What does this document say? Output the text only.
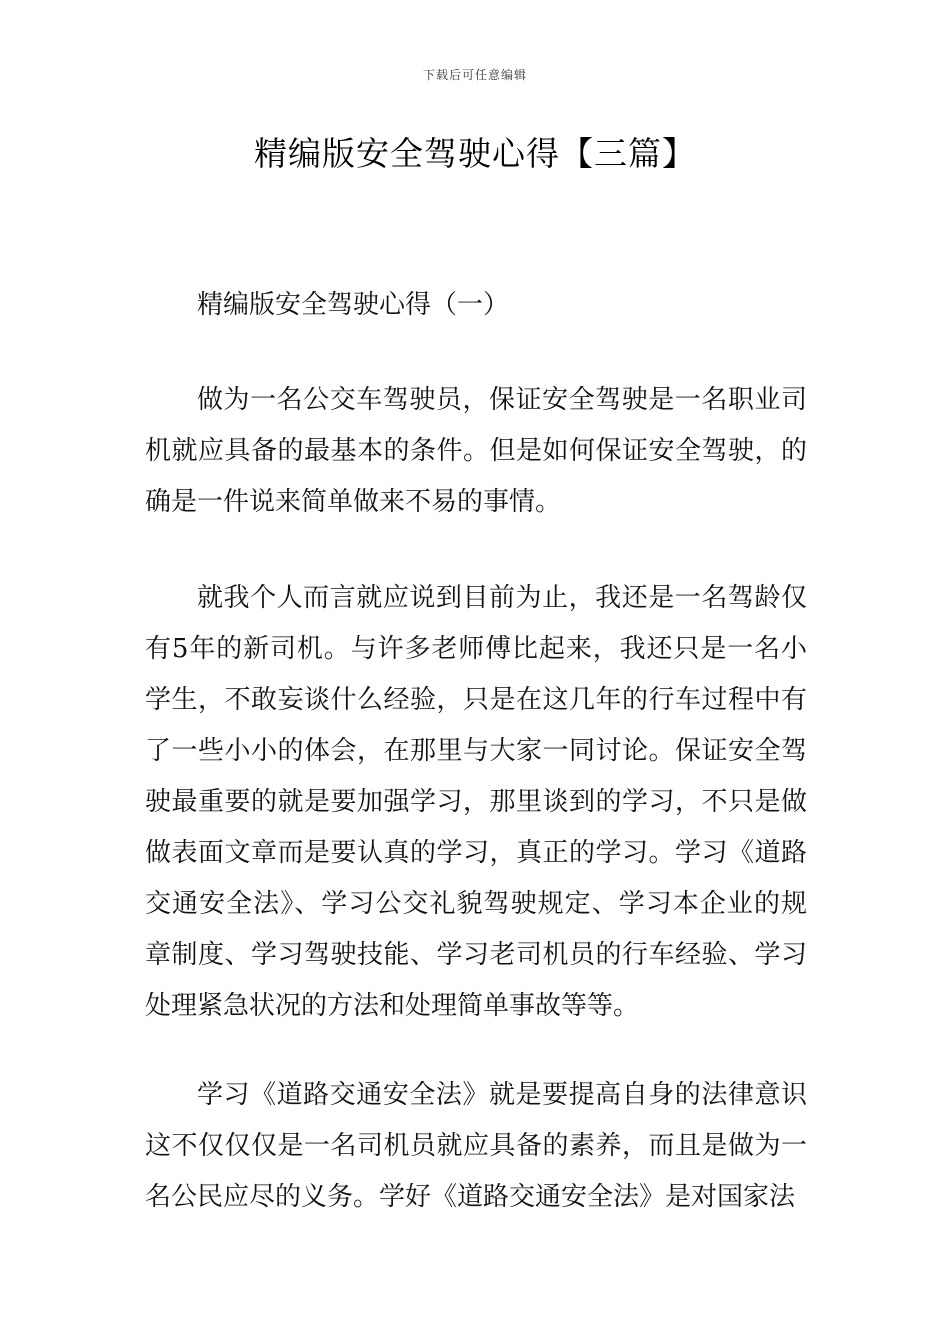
下载后可任意编辑
精编版安全驾驶心得【三篇】

精编版安全驾驶心得（一）

做为一名公交车驾驶员，保证安全驾驶是一名职业司机就应具备的最基本的条件。但是如何保证安全驾驶，的确是一件说来简单做来不易的事情。

就我个人而言就应说到目前为止，我还是一名驾龄仅有5年的新司机。与许多老师傅比起来，我还只是一名小学生，不敢妄谈什么经验，只是在这几年的行车过程中有了一些小小的体会，在那里与大家一同讨论。保证安全驾驶最重要的就是要加强学习，那里谈到的学习，不只是做做表面文章而是要认真的学习，真正的学习。学习《道路交通安全法》、学习公交礼貌驾驶规定、学习本企业的规章制度、学习驾驶技能、学习老司机员的行车经验、学习处理紧急状况的方法和处理简单事故等等。

学习《道路交通安全法》就是要提高自身的法律意识这不仅仅仅是一名司机员就应具备的素养，而且是做为一名公民应尽的义务。学好《道路交通安全法》是对国家法
